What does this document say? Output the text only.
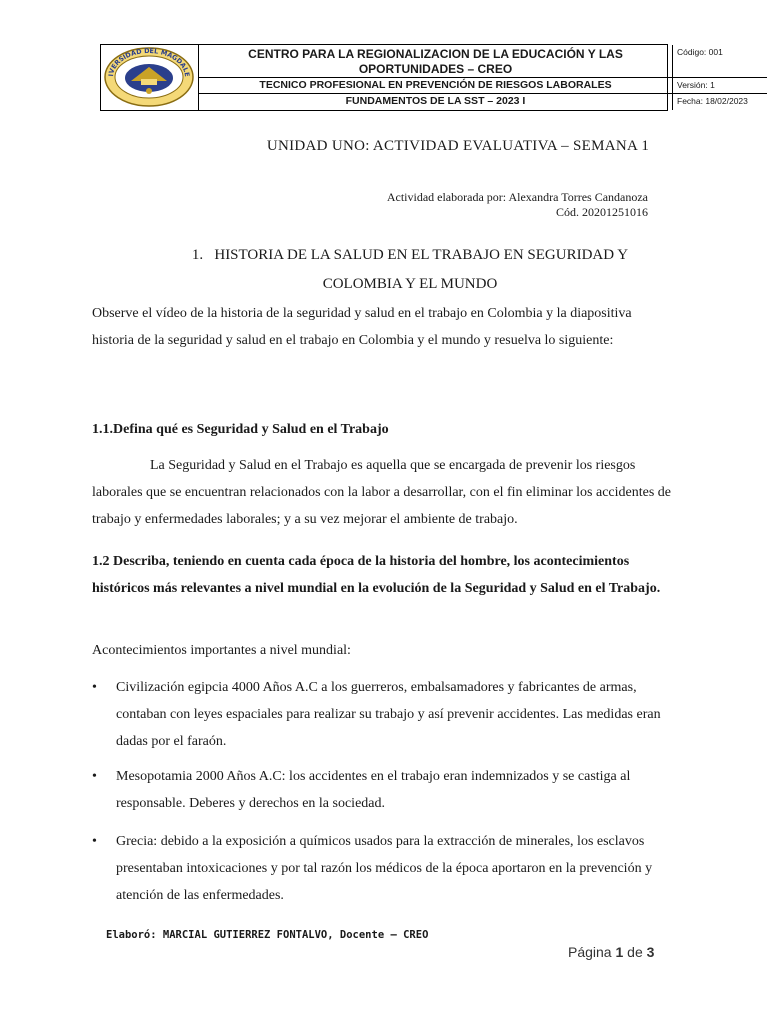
IVERSIDAD DEL MAGDALE
CENTRO PARA LA REGIONALIZACION DE LA EDUCACIÓN Y LAS
OPORTUNIDADES – CREO
TECNICO PROFESIONAL EN PREVENCIÓN DE RIESGOS LABORALES
FUNDAMENTOS DE LA SST – 2023 I
Código: 001
Versión: 1
Fecha: 18/02/2023
UNIDAD UNO: ACTIVIDAD EVALUATIVA – SEMANA 1
Actividad elaborada por: Alexandra Torres Candanoza
Cód. 20201251016
1. HISTORIA DE LA SALUD EN EL TRABAJO EN SEGURIDAD Y
COLOMBIA Y EL MUNDO
Observe el vídeo de la historia de la seguridad y salud en el trabajo en Colombia y la diapositiva historia de la seguridad y salud en el trabajo en Colombia y el mundo y resuelva lo siguiente:
1.1.Defina qué es Seguridad y Salud en el Trabajo
La Seguridad y Salud en el Trabajo es aquella que se encargada de prevenir los riesgos laborales que se encuentran relacionados con la labor a desarrollar, con el fin eliminar los accidentes de trabajo y enfermedades laborales; y a su vez mejorar el ambiente de trabajo.
1.2 Describa, teniendo en cuenta cada época de la historia del hombre, los acontecimientos históricos más relevantes a nivel mundial en la evolución de la Seguridad y Salud en el Trabajo.
Acontecimientos importantes a nivel mundial:
• Civilización egipcia 4000 Años A.C a los guerreros, embalsamadores y fabricantes de armas, contaban con leyes espaciales para realizar su trabajo y así prevenir accidentes. Las medidas eran dadas por el faraón.
• Mesopotamia 2000 Años A.C: los accidentes en el trabajo eran indemnizados y se castiga al responsable. Deberes y derechos en la sociedad.
• Grecia: debido a la exposición a químicos usados para la extracción de minerales, los esclavos presentaban intoxicaciones y por tal razón los médicos de la época aportaron en la prevención y atención de las enfermedades.
Elaboró: MARCIAL GUTIERREZ FONTALVO, Docente – CREO
Página 1 de 3
